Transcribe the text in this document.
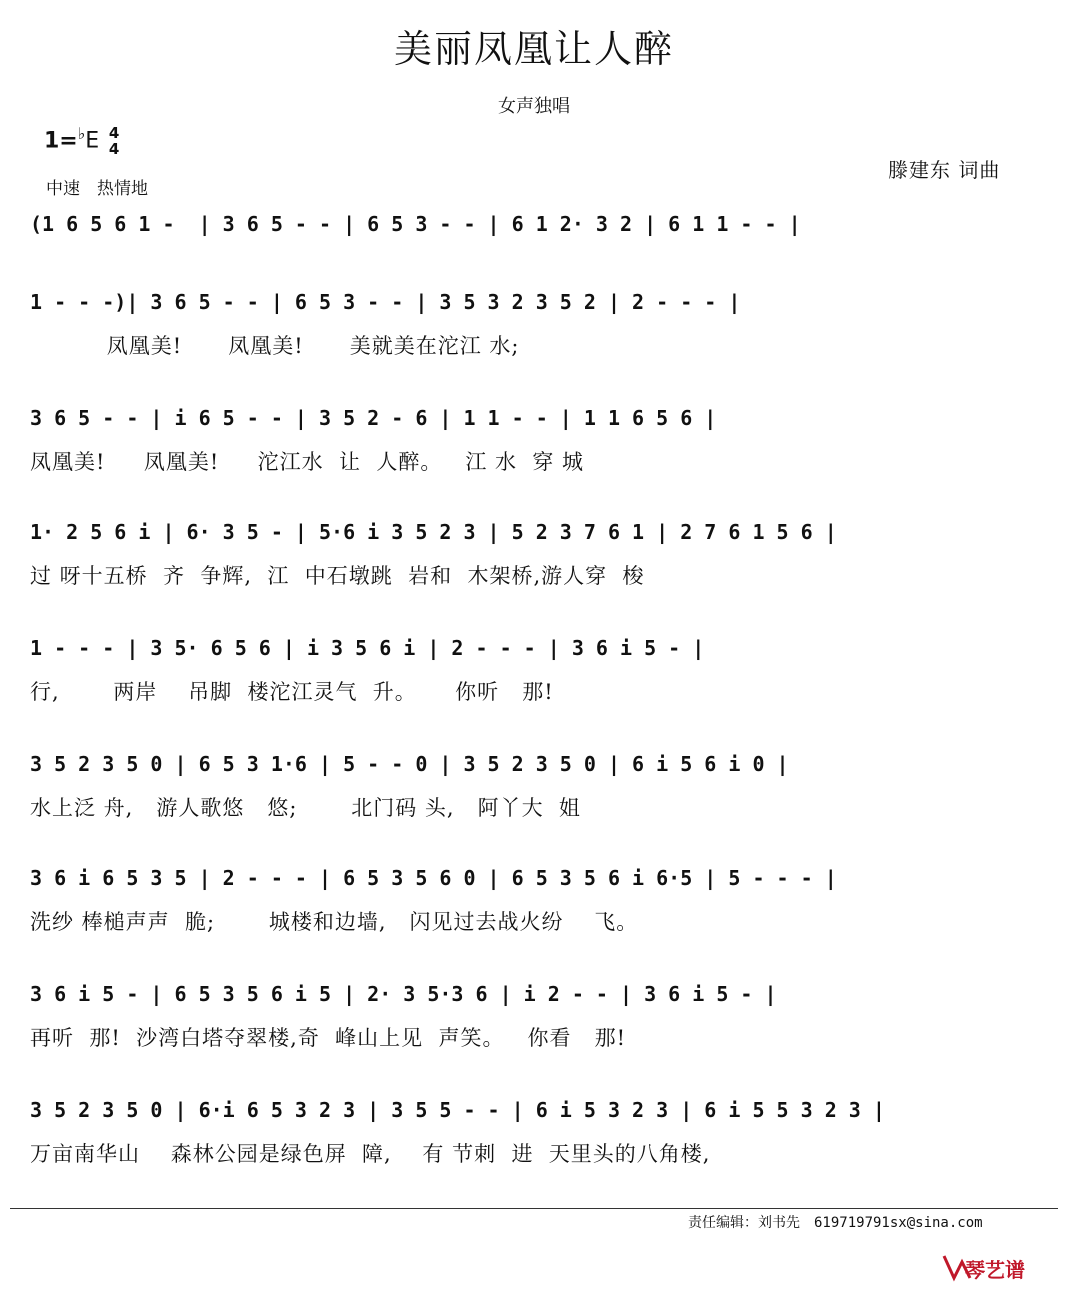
美丽凤凰让人醉
女声独唱
1=♭E 4
4
中速　热情地
滕建东 词曲
(1 6 5 6 1 -  | 3 6 5 - - | 6 5 3 - - | 6 1 2· 3 2 | 6 1 1 - - |
1 - - -)| 3 6 5 - - | 6 5 3 - - | 3 5 3 2 3 5 2 | 2 - - - |
凤凰美!      凤凰美!      美就美在沱江 水;
3 6 5 - - | i 6 5 - - | 3 5 2 - 6 | 1 1 - - | 1 1 6 5 6 |
凤凰美!     凤凰美!     沱江水  让  人醉。   江 水  穿 城
1· 2 5 6 i | 6· 3 5 - | 5·6 i 3 5 2 3 | 5 2 3 7 6 1 | 2 7 6 1 5 6 |
过 呀十五桥  齐  争辉,  江  中石墩跳  岩和  木架桥,游人穿  梭
1 - - - | 3 5· 6 5 6 | i 3 5 6 i | 2 - - - | 3 6 i 5 - |
行,       两岸    吊脚  楼沱江灵气  升。     你听   那!
3 5 2 3 5 0 | 6 5 3 1·6 | 5 - - 0 | 3 5 2 3 5 0 | 6 i 5 6 i 0 |
水上泛 舟,   游人歌悠   悠;       北门码 头,   阿丫大  姐
3 6 i 6 5 3 5 | 2 - - - | 6 5 3 5 6 0 | 6 5 3 5 6 i 6·5 | 5 - - - |
洗纱 棒槌声声  脆;       城楼和边墙,   闪见过去战火纷    飞。
3 6 i 5 - | 6 5 3 5 6 i 5 | 2· 3 5·3 6 | i 2 - - | 3 6 i 5 - |
再听  那!  沙湾白塔夺翠楼,奇  峰山上见  声笑。   你看   那!
3 5 2 3 5 0 | 6·i 6 5 3 2 3 | 3 5 5 - - | 6 i 5 3 2 3 | 6 i 5 5 3 2 3 |
万亩南华山    森林公园是绿色屏  障,    有 节刺  进  天里头的八角楼,
责任编辑：刘书先　619719791sx@sina.com
琴艺谱
